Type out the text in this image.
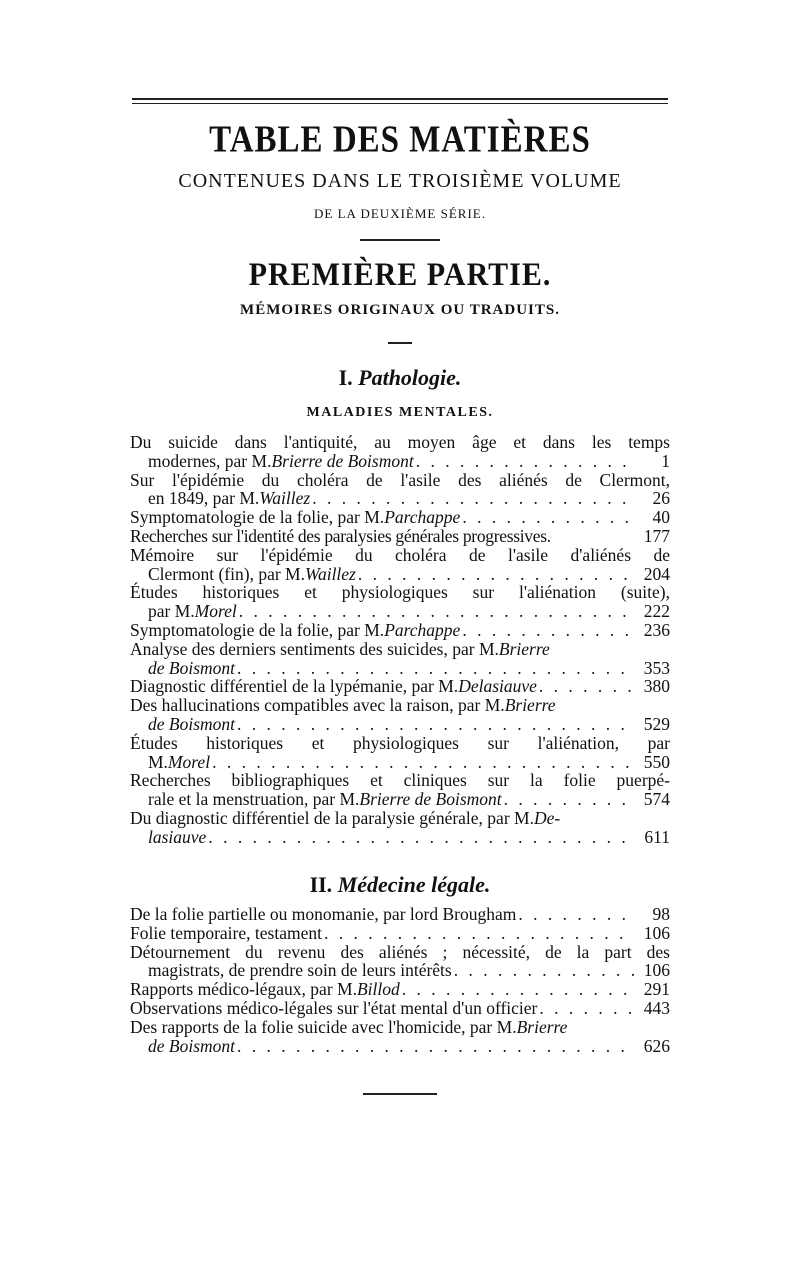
TABLE DES MATIÈRES
CONTENUES DANS LE TROISIÈME VOLUME
DE LA DEUXIÈME SÉRIE.
PREMIÈRE PARTIE.
MÉMOIRES ORIGINAUX OU TRADUITS.
I. Pathologie.
MALADIES MENTALES.
Du suicide dans l'antiquité, au moyen âge et dans les temps
modernes, par M. Brierre de Boismont . . .	1
Sur l'épidémie du choléra de l'asile des aliénés de Clermont,
en 1849, par M. Waillez . . .	26
Symptomatologie de la folie, par M. Parchappe . . .	40
Recherches sur l'identité des paralysies générales progressives.	177
Mémoire sur l'épidémie du choléra de l'asile d'aliénés de
Clermont (fin), par M. Waillez . . .	204
Études historiques et physiologiques sur l'aliénation (suite),
par M. Morel . . .	222
Symptomatologie de la folie, par M. Parchappe . . .	236
Analyse des derniers sentiments des suicides, par M. Brierre
de Boismont . . .	353
Diagnostic différentiel de la lypémanie, par M. Delasiauve . . .	380
Des hallucinations compatibles avec la raison, par M. Brierre
de Boismont . . .	529
Études historiques et physiologiques sur l'aliénation, par
M. Morel . . .	550
Recherches bibliographiques et cliniques sur la folie puerpé-
rale et la menstruation, par M. Brierre de Boismont . . .	574
Du diagnostic différentiel de la paralysie générale, par M. De-
lasiauve . . .	611
II. Médecine légale.
De la folie partielle ou monomanie, par lord Brougham . . .	98
Folie temporaire, testament . . .	106
Détournement du revenu des aliénés ; nécessité, de la part des
magistrats, de prendre soin de leurs intérêts . . .	106
Rapports médico-légaux, par M. Billod . . .	291
Observations médico-légales sur l'état mental d'un officier . . .	443
Des rapports de la folie suicide avec l'homicide, par M. Brierre
de Boismont . . .	626
